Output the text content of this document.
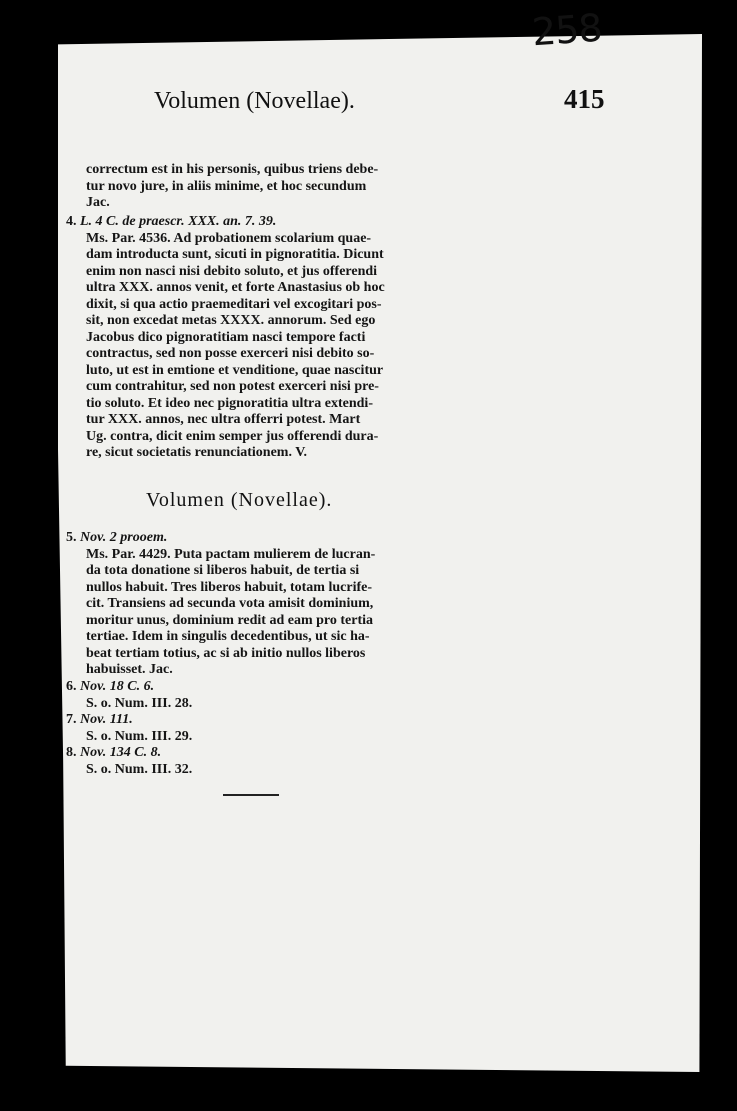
258
Volumen (Novellae).	415
correctum est in his personis, quibus triens debe-
tur novo jure, in aliis minime, et hoc secundum
Jac.
4. L. 4 C. de praescr. XXX. an. 7. 39.
Ms. Par. 4536. Ad probationem scolarium quae-
dam introducta sunt, sicuti in pignoratitia. Dicunt
enim non nasci nisi debito soluto, et jus offerendi
ultra XXX. annos venit, et forte Anastasius ob hoc
dixit, si qua actio praemeditari vel excogitari pos-
sit, non excedat metas XXXX. annorum. Sed ego
Jacobus dico pignoratitiam nasci tempore facti
contractus, sed non posse exerceri nisi debito so-
luto, ut est in emtione et venditione, quae nascitur
cum contrahitur, sed non potest exerceri nisi pre-
tio soluto. Et ideo nec pignoratitia ultra extendi-
tur XXX. annos, nec ultra offerri potest. Mart
Ug. contra, dicit enim semper jus offerendi dura-
re, sicut societatis renunciationem. V.
Volumen (Novellae).
5. Nov. 2 prooem.
Ms. Par. 4429. Puta pactam mulierem de lucran-
da tota donatione si liberos habuit, de tertia si
nullos habuit. Tres liberos habuit, totam lucrife-
cit. Transiens ad secunda vota amisit dominium,
moritur unus, dominium redit ad eam pro tertia
tertiae. Idem in singulis decedentibus, ut sic ha-
beat tertiam totius, ac si ab initio nullos liberos
habuisset. Jac.
6. Nov. 18 C. 6.
S. o. Num. III. 28.
7. Nov. 111.
S. o. Num. III. 29.
8. Nov. 134 C. 8.
S. o. Num. III. 32.
